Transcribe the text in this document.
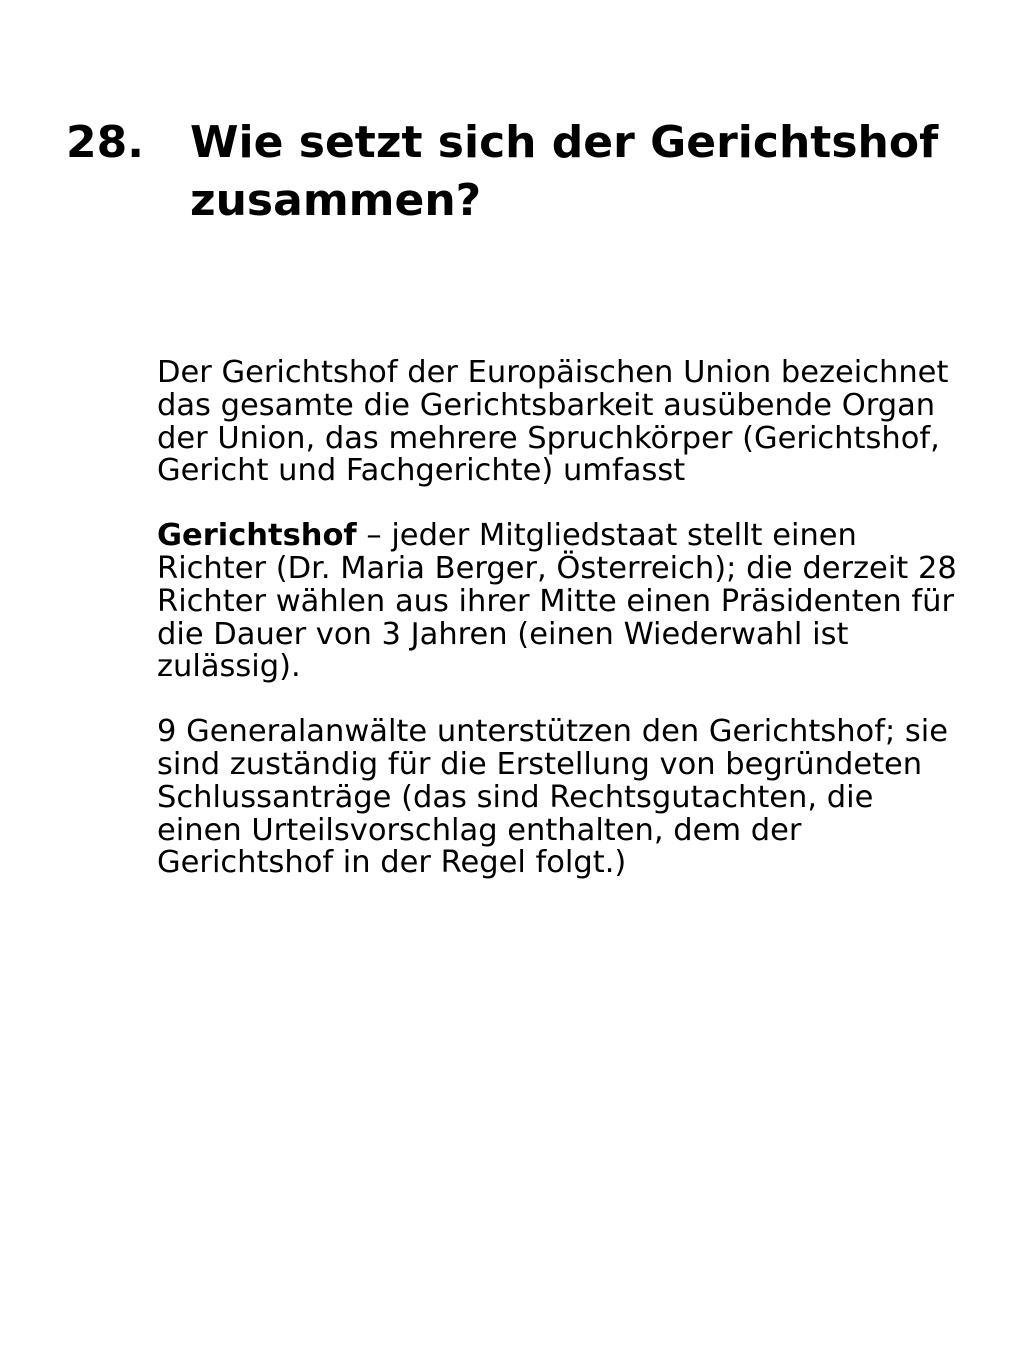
28.	Wie setzt sich der Gerichtshof zusammen?

Der Gerichtshof der Europäischen Union bezeichnet das gesamte die Gerichtsbarkeit ausübende Organ der Union, das mehrere Spruchkörper (Gerichtshof, Gericht und Fachgerichte) umfasst

Gerichtshof – jeder Mitgliedstaat stellt einen Richter (Dr. Maria Berger, Österreich); die derzeit 28 Richter wählen aus ihrer Mitte einen Präsidenten für die Dauer von 3 Jahren (einen Wiederwahl ist zulässig).

9 Generalanwälte unterstützen den Gerichtshof; sie sind zuständig für die Erstellung von begründeten Schlussanträge (das sind Rechtsgutachten, die einen Urteilsvorschlag enthalten, dem der Gerichtshof in der Regel folgt.)
